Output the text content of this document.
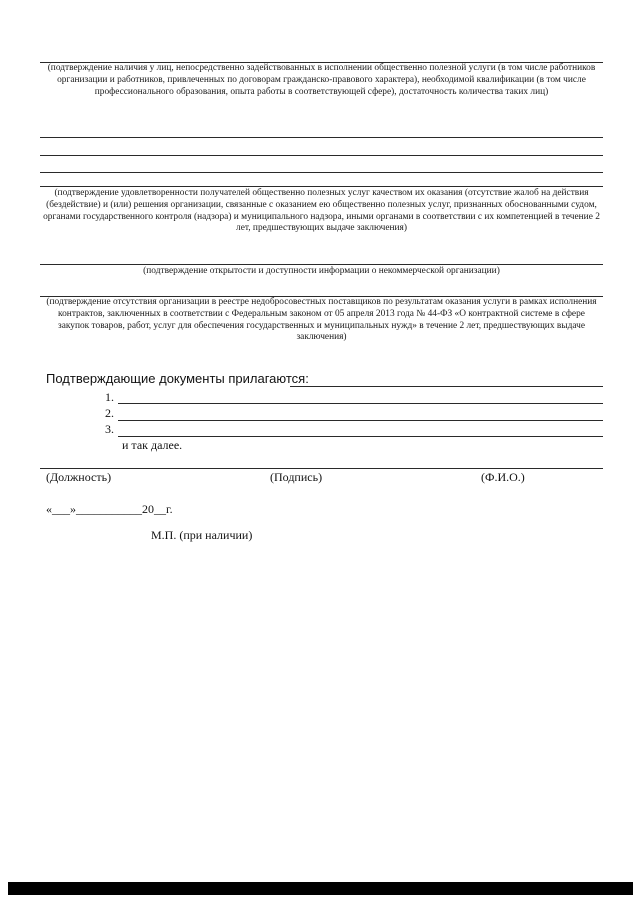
(подтверждение наличия у лиц, непосредственно задействованных в исполнении общественно полезной услуги (в том числе работников организации и работников, привлеченных по договорам гражданско-правового характера), необходимой квалификации (в том числе профессионального образования, опыта работы в соответствующей сфере), достаточность количества таких лиц)
(подтверждение удовлетворенности получателей общественно полезных услуг качеством их оказания (отсутствие жалоб на действия (бездействие) и (или) решения организации, связанные с оказанием ею общественно полезных услуг, признанных обоснованными судом, органами государственного контроля (надзора) и муниципального надзора, иными органами в соответствии с их компетенцией в течение 2 лет, предшествующих выдаче заключения)
(подтверждение открытости и доступности информации о некоммерческой организации)
(подтверждение отсутствия организации в реестре недобросовестных поставщиков по результатам оказания услуги в рамках исполнения контрактов, заключенных в соответствии с Федеральным законом от 05 апреля 2013 года № 44-ФЗ «О контрактной системе в сфере закупок товаров, работ, услуг для обеспечения государственных и муниципальных нужд» в течение 2 лет, предшествующих выдаче заключения)
Подтверждающие документы прилагаются:
1.
2.
3.
и так далее.
(Должность)	(Подпись)	(Ф.И.О.)
«___»___________20__г.
М.П. (при наличии)
